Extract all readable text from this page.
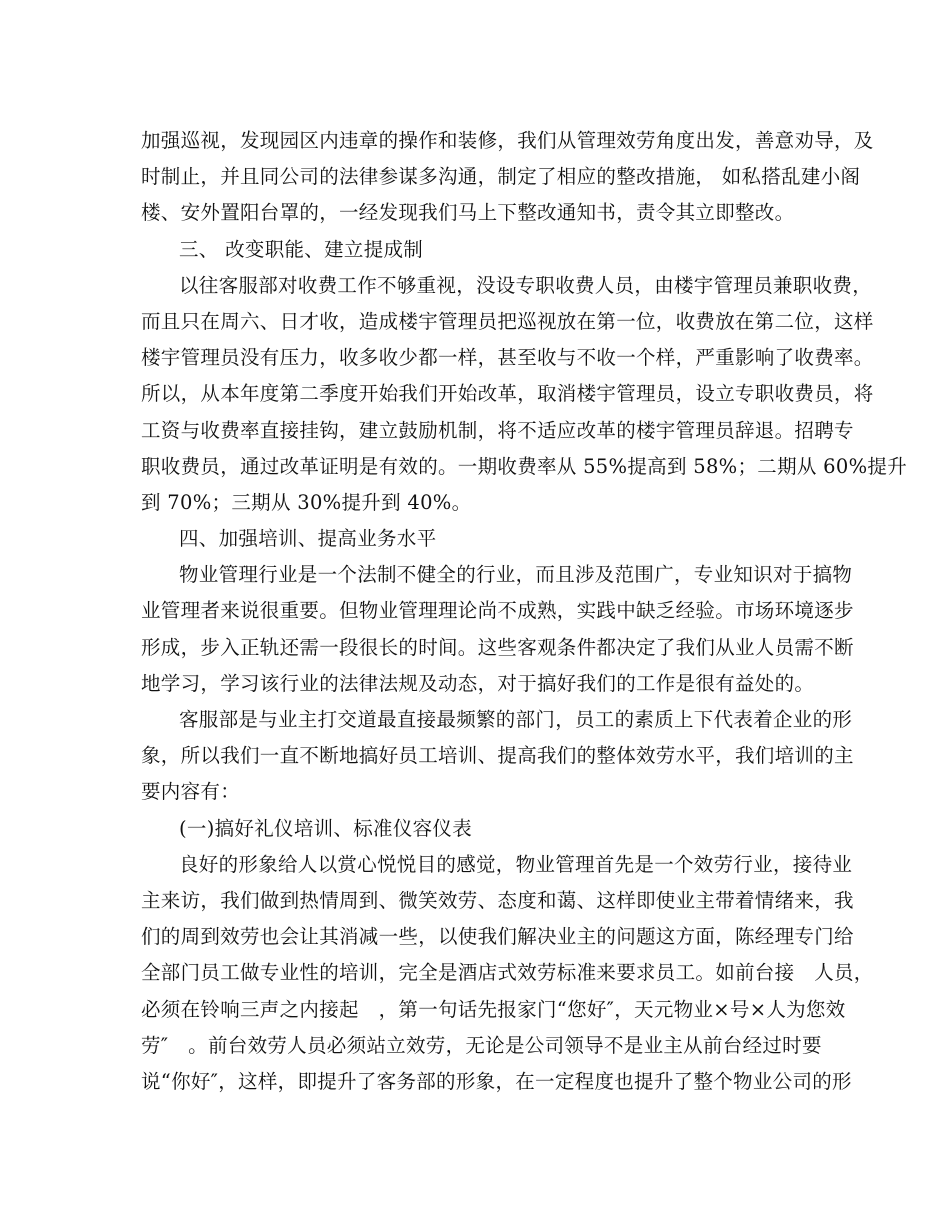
加强巡视，发现园区内违章的操作和装修，我们从管理效劳角度出发，善意劝导，及
时制止，并且同公司的法律参谋多沟通，制定了相应的整改措施， 如私搭乱建小阁
楼、安外置阳台罩的，一经发现我们马上下整改通知书，责令其立即整改。
三、 改变职能、建立提成制
以往客服部对收费工作不够重视，没设专职收费人员，由楼宇管理员兼职收费，
而且只在周六、日才收，造成楼宇管理员把巡视放在第一位，收费放在第二位，这样
楼宇管理员没有压力，收多收少都一样，甚至收与不收一个样，严重影响了收费率。
所以，从本年度第二季度开始我们开始改革，取消楼宇管理员，设立专职收费员，将
工资与收费率直接挂钩，建立鼓励机制，将不适应改革的楼宇管理员辞退。招聘专
职收费员，通过改革证明是有效的。一期收费率从 55%提高到 58%；二期从 60%提升
到 70%；三期从 30%提升到 40%。
四、加强培训、提高业务水平
物业管理行业是一个法制不健全的行业，而且涉及范围广，专业知识对于搞物
业管理者来说很重要。但物业管理理论尚不成熟，实践中缺乏经验。市场环境逐步
形成，步入正轨还需一段很长的时间。这些客观条件都决定了我们从业人员需不断
地学习，学习该行业的法律法规及动态，对于搞好我们的工作是很有益处的。
客服部是与业主打交道最直接最频繁的部门，员工的素质上下代表着企业的形
象，所以我们一直不断地搞好员工培训、提高我们的整体效劳水平，我们培训的主
要内容有：
(一)搞好礼仪培训、标准仪容仪表
良好的形象给人以赏心悦悦目的感觉，物业管理首先是一个效劳行业，接待业
主来访，我们做到热情周到、微笑效劳、态度和蔼、这样即使业主带着情绪来，我
们的周到效劳也会让其消减一些，以使我们解决业主的问题这方面，陈经理专门给
全部门员工做专业性的培训，完全是酒店式效劳标准来要求员工。如前台接　人员，
必须在铃响三声之内接起　，第一句话先报家门“您好″，天元物业×号×人为您效
劳″　。前台效劳人员必须站立效劳，无论是公司领导不是业主从前台经过时要
说“你好″，这样，即提升了客务部的形象，在一定程度也提升了整个物业公司的形
